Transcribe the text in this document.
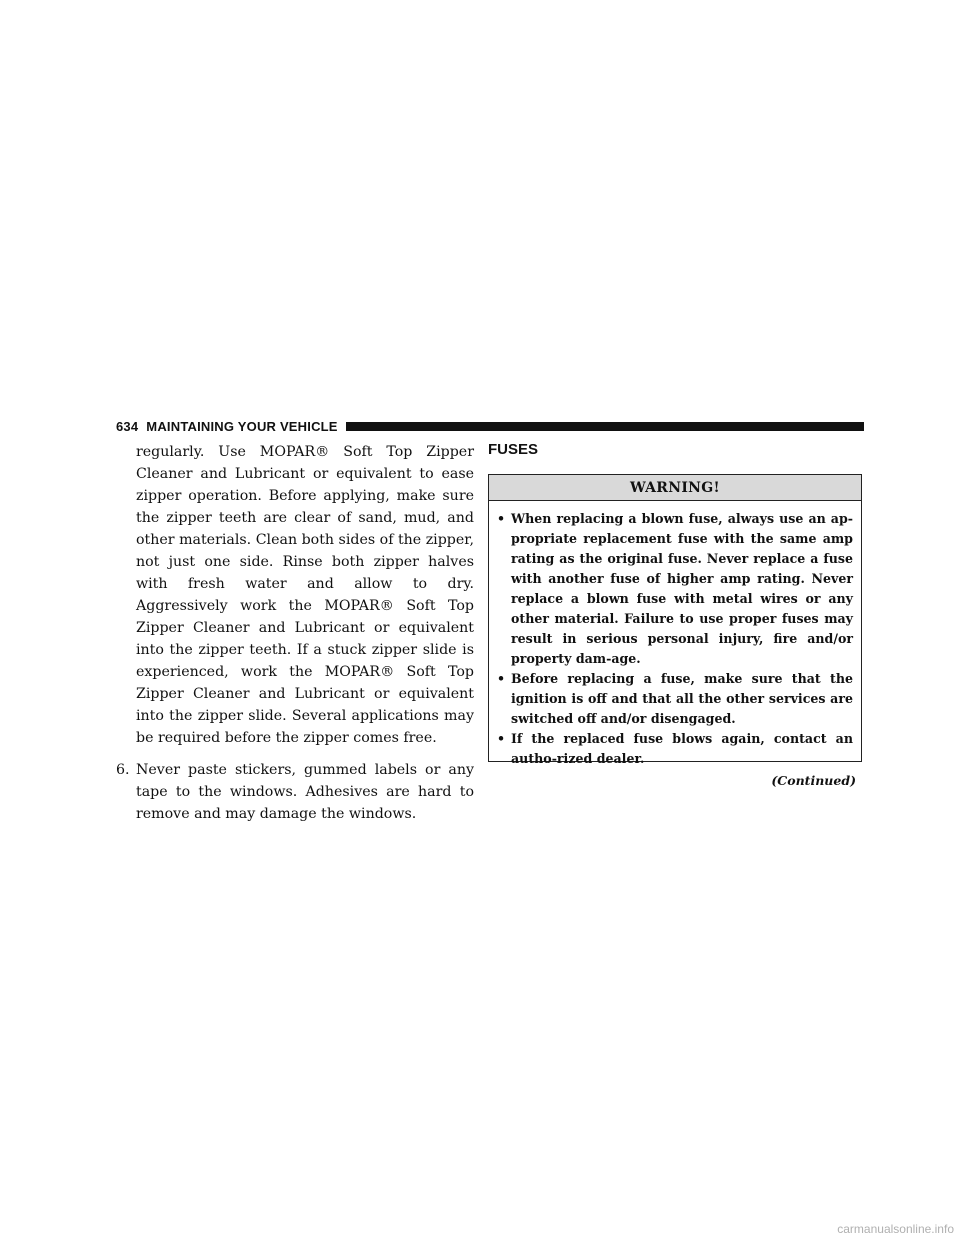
634 MAINTAINING YOUR VEHICLE

regularly. Use MOPAR® Soft Top Zipper Cleaner and Lubricant or equivalent to ease zipper operation. Before applying, make sure the zipper teeth are clear of sand, mud, and other materials. Clean both sides of the zipper, not just one side. Rinse both zipper halves with fresh water and allow to dry. Aggressively work the MOPAR® Soft Top Zipper Cleaner and Lubricant or equivalent into the zipper teeth. If a stuck zipper slide is experienced, work the MOPAR® Soft Top Zipper Cleaner and Lubricant or equivalent into the zipper slide. Several applications may be required before the zipper comes free.

6. Never paste stickers, gummed labels or any tape to the windows. Adhesives are hard to remove and may damage the windows.
FUSES
WARNING!
• When replacing a blown fuse, always use an ap-propriate replacement fuse with the same amp rating as the original fuse. Never replace a fuse with another fuse of higher amp rating. Never replace a blown fuse with metal wires or any other material. Failure to use proper fuses may result in serious personal injury, fire and/or property dam-age.
• Before replacing a fuse, make sure that the ignition is off and that all the other services are switched off and/or disengaged.
• If the replaced fuse blows again, contact an autho-rized dealer.
(Continued)
carmanualsonline.info
